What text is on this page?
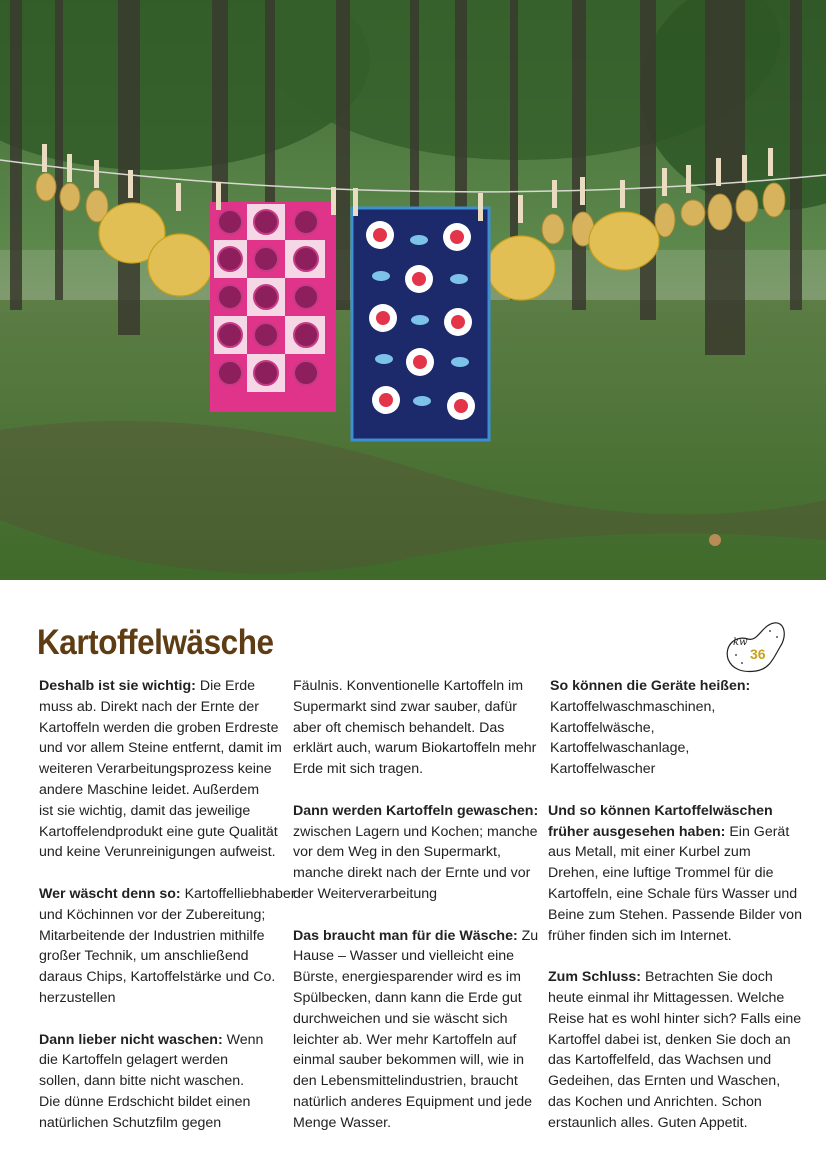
Kartoffelwäsche	kw
36

Deshalb ist sie wichtig: Die Erde
muss ab. Direkt nach der Ernte der
Kartoffeln werden die groben Erdreste
und vor allem Steine entfernt, damit im
weiteren Verarbeitungsprozess keine
andere Maschine leidet. Außerdem
ist sie wichtig, damit das jeweilige
Kartoffelendprodukt eine gute Qualität
und keine Verunreinigungen aufweist.

Wer wäscht denn so: Kartoffelliebhaber
und Köchinnen vor der Zubereitung;
Mitarbeitende der Industrien mithilfe
großer Technik, um anschließend
daraus Chips, Kartoffelstärke und Co.
herzustellen

Dann lieber nicht waschen: Wenn
die Kartoffeln gelagert werden
sollen, dann bitte nicht waschen.
Die dünne Erdschicht bildet einen
natürlichen Schutzfilm gegen

Fäulnis. Konventionelle Kartoffeln im
Supermarkt sind zwar sauber, dafür
aber oft chemisch behandelt. Das
erklärt auch, warum Biokartoffeln mehr
Erde mit sich tragen.

Dann werden Kartoffeln gewaschen:
zwischen Lagern und Kochen; manche
vor dem Weg in den Supermarkt,
manche direkt nach der Ernte und vor
der Weiterverarbeitung

Das braucht man für die Wäsche: Zu
Hause – Wasser und vielleicht eine
Bürste, energiesparender wird es im
Spülbecken, dann kann die Erde gut
durchweichen und sie wäscht sich
leichter ab. Wer mehr Kartoffeln auf
einmal sauber bekommen will, wie in
den Lebensmittelindustrien, braucht
natürlich anderes Equipment und jede
Menge Wasser.

So können die Geräte heißen:
Kartoffelwaschmaschinen,
Kartoffelwäsche,
Kartoffelwaschanlage,
Kartoffelwascher

Und so können Kartoffelwäschen
früher ausgesehen haben: Ein Gerät
aus Metall, mit einer Kurbel zum
Drehen, eine luftige Trommel für die
Kartoffeln, eine Schale fürs Wasser und
Beine zum Stehen. Passende Bilder von
früher finden sich im Internet.

Zum Schluss: Betrachten Sie doch
heute einmal ihr Mittagessen. Welche
Reise hat es wohl hinter sich? Falls eine
Kartoffel dabei ist, denken Sie doch an
das Kartoffelfeld, das Wachsen und
Gedeihen, das Ernten und Waschen,
das Kochen und Anrichten. Schon
erstaunlich alles. Guten Appetit.
